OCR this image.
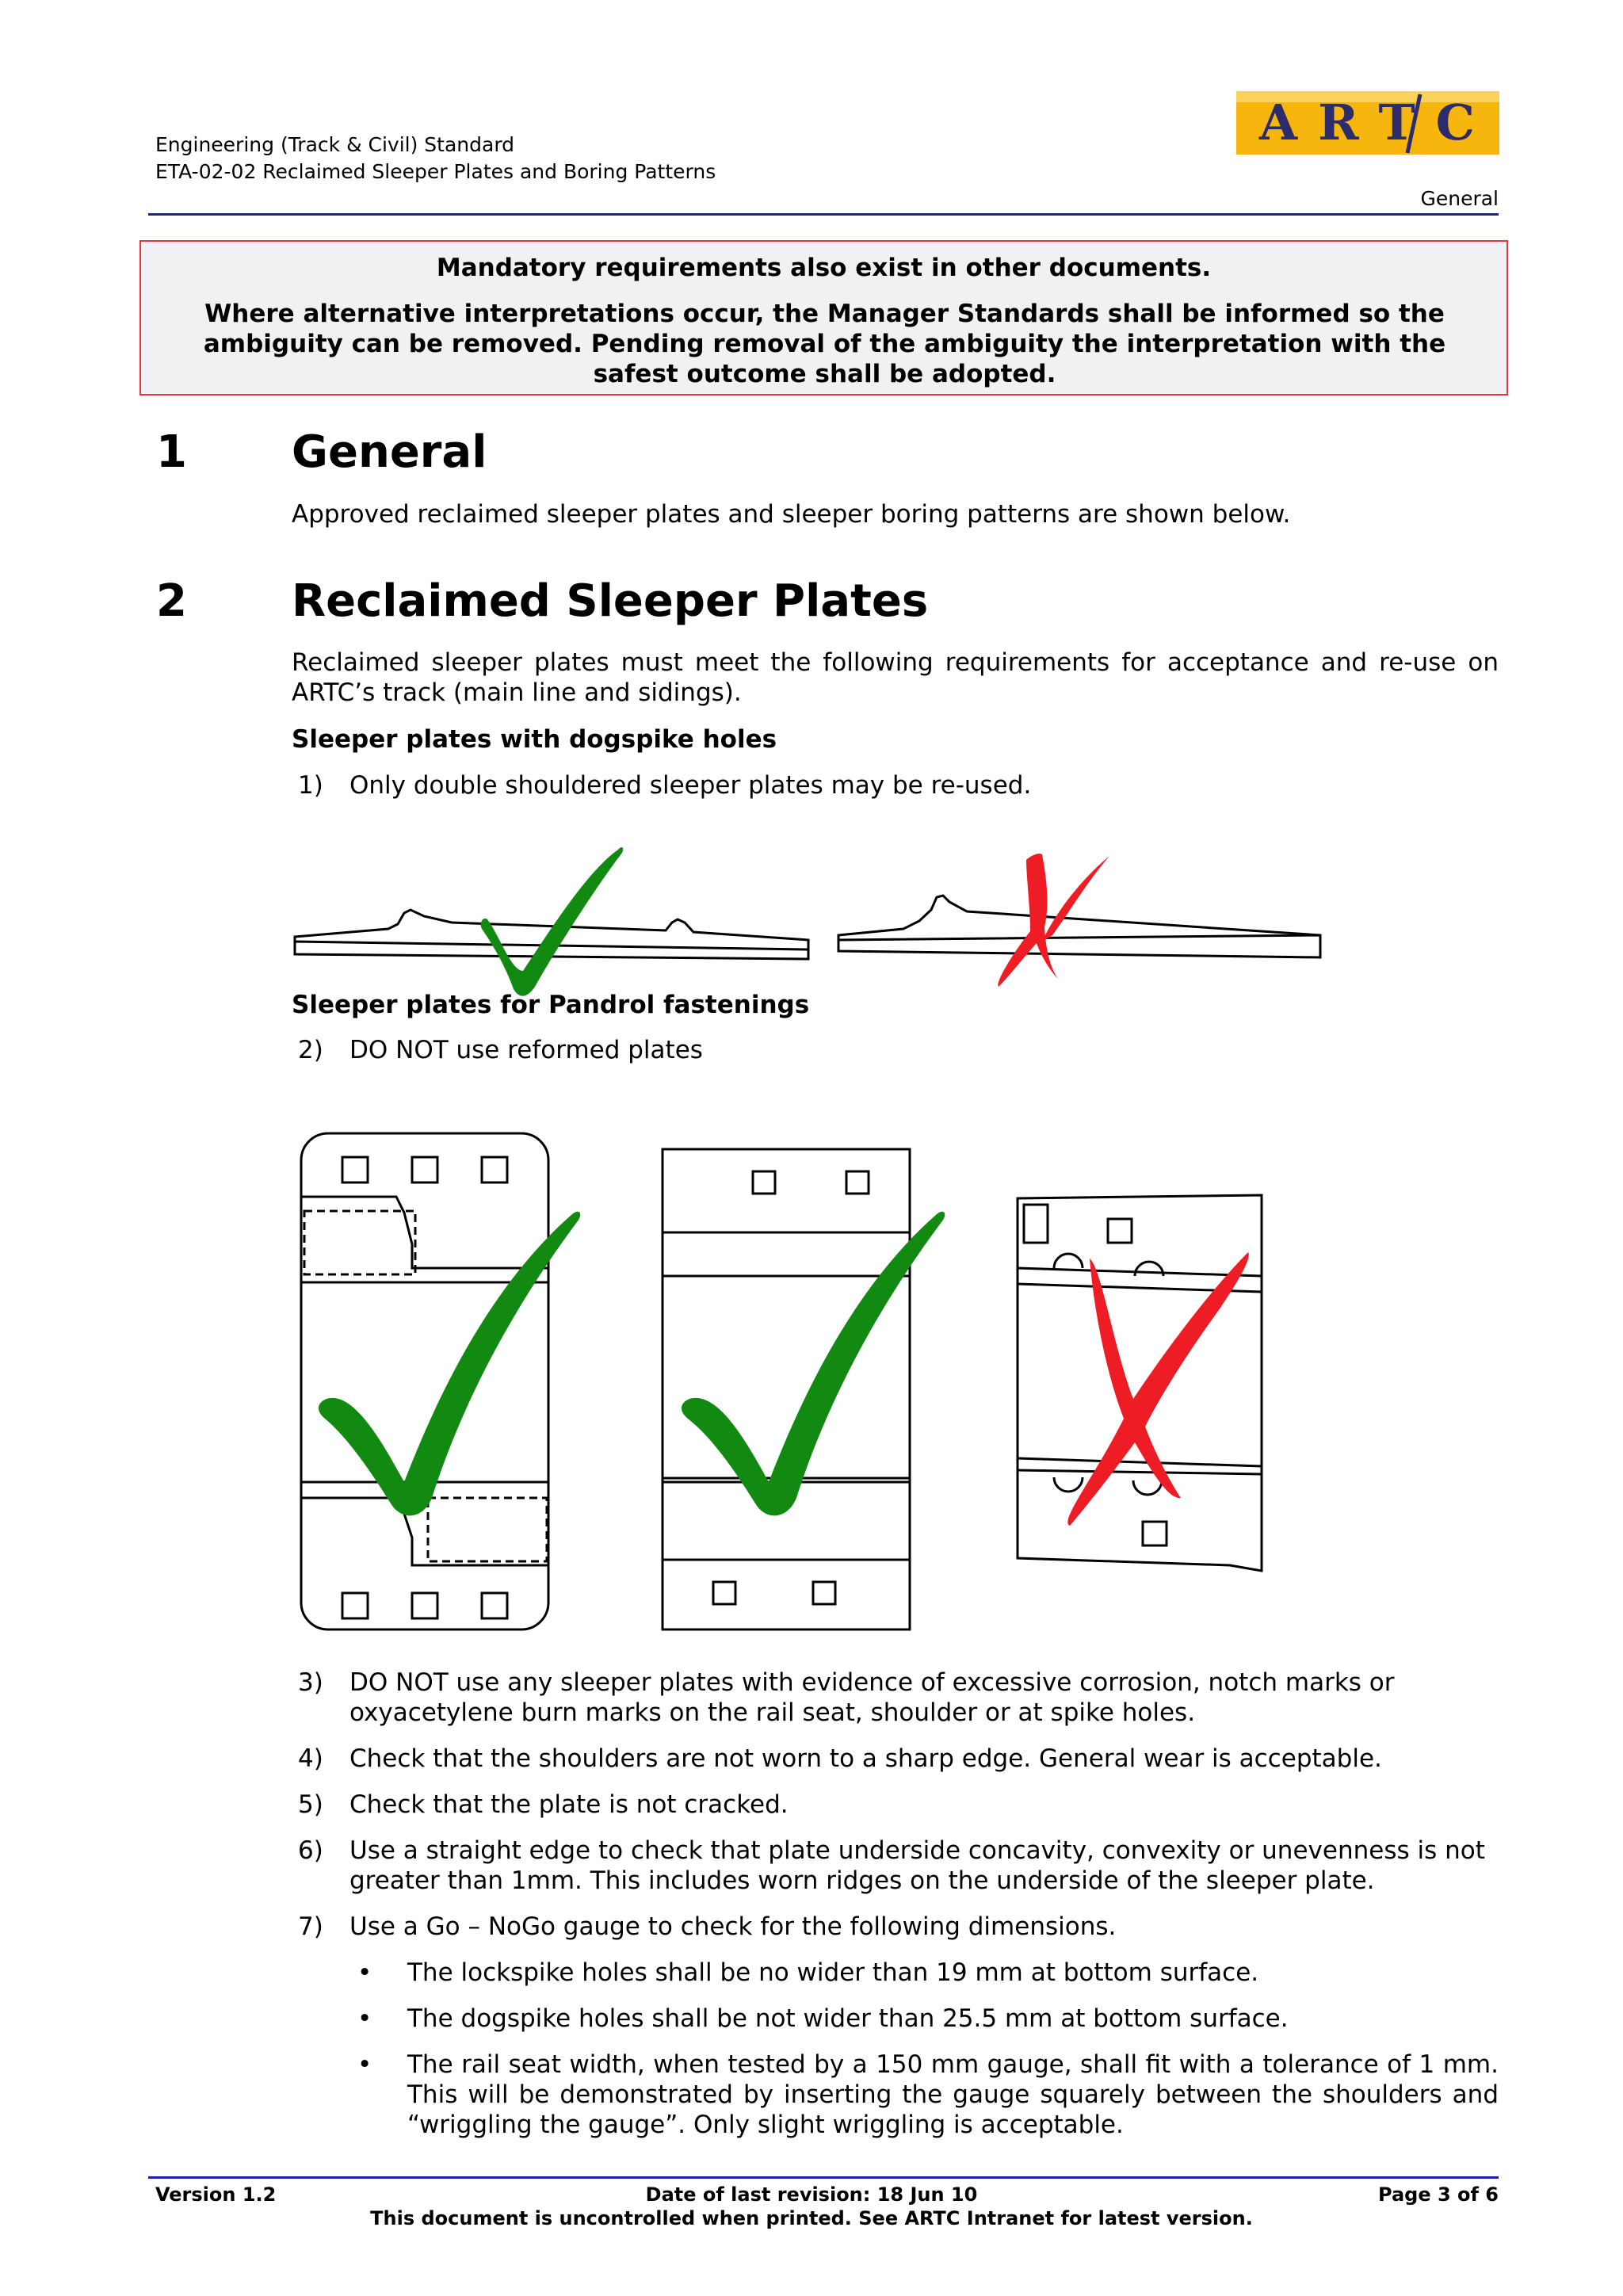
Engineering (Track & Civil) Standard
ETA-02-02 Reclaimed Sleeper Plates and Boring Patterns
General
ARTC

Mandatory requirements also exist in other documents.

Where alternative interpretations occur, the Manager Standards shall be informed so the ambiguity can be removed. Pending removal of the ambiguity the interpretation with the safest outcome shall be adopted.

1 General
Approved reclaimed sleeper plates and sleeper boring patterns are shown below.
2 Reclaimed Sleeper Plates
Reclaimed sleeper plates must meet the following requirements for acceptance and re-use on ARTC’s track (main line and sidings).
Sleeper plates with dogspike holes
1) Only double shouldered sleeper plates may be re-used.
Sleeper plates for Pandrol fastenings
2) DO NOT use reformed plates
3) DO NOT use any sleeper plates with evidence of excessive corrosion, notch marks or oxyacetylene burn marks on the rail seat, shoulder or at spike holes.
4) Check that the shoulders are not worn to a sharp edge. General wear is acceptable.
5) Check that the plate is not cracked.
6) Use a straight edge to check that plate underside concavity, convexity or unevenness is not greater than 1mm. This includes worn ridges on the underside of the sleeper plate.
7) Use a Go – NoGo gauge to check for the following dimensions.
• The lockspike holes shall be no wider than 19 mm at bottom surface.
• The dogspike holes shall be not wider than 25.5 mm at bottom surface.
• The rail seat width, when tested by a 150 mm gauge, shall fit with a tolerance of 1 mm. This will be demonstrated by inserting the gauge squarely between the shoulders and “wriggling the gauge”. Only slight wriggling is acceptable.
Version 1.2	Date of last revision: 18 Jun 10	Page 3 of 6
This document is uncontrolled when printed. See ARTC Intranet for latest version.
